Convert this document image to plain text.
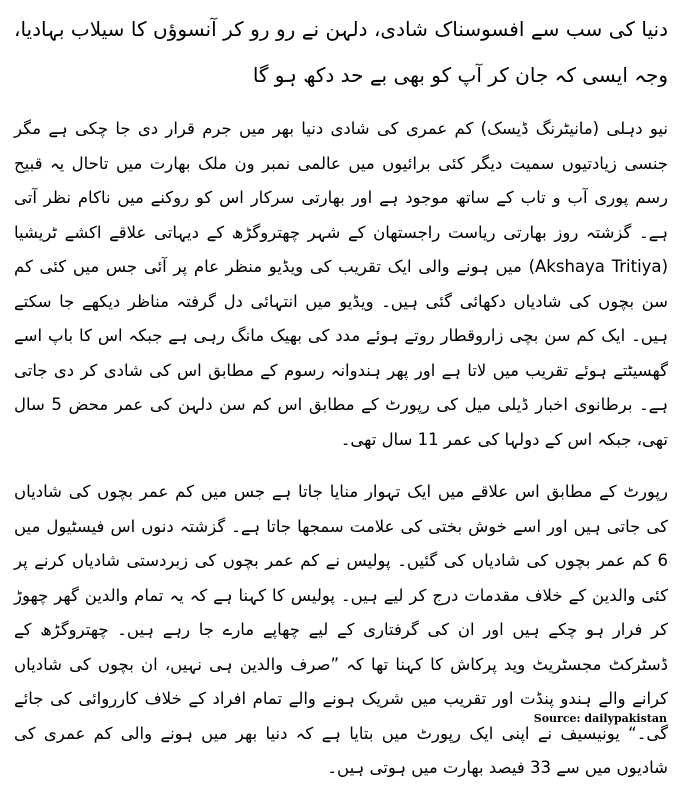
دنیا کی سب سے افسوسناک شادی، دلہن نے رو رو کر آنسوؤں کا سیلاب بہادیا، وجہ ایسی کہ جان کر آپ کو بھی بے حد دکھ ہو گا

نیو دہلی (مانیٹرنگ ڈیسک) کم عمری کی شادی دنیا بھر میں جرم قرار دی جا چکی ہے مگر جنسی زیادتیوں سمیت دیگر کئی برائیوں میں عالمی نمبر ون ملک بھارت میں تاحال یہ قبیح رسم پوری آب و تاب کے ساتھ موجود ہے اور بھارتی سرکار اس کو روکنے میں ناکام نظر آتی ہے۔ گزشتہ روز بھارتی ریاست راجستھان کے شہر چھتروگڑھ کے دیہاتی علاقے اکشے ٹریشیا (Akshaya Tritiya) میں ہونے والی ایک تقریب کی ویڈیو منظر عام پر آئی جس میں کئی کم سن بچوں کی شادیاں دکھائی گئی ہیں۔ ویڈیو میں انتہائی دل گرفتہ مناظر دیکھے جا سکتے ہیں۔ ایک کم سن بچی زاروقطار روتے ہوئے مدد کی بھیک مانگ رہی ہے جبکہ اس کا باپ اسے گھسیٹتے ہوئے تقریب میں لاتا ہے اور پھر ہندوانہ رسوم کے مطابق اس کی شادی کر دی جاتی ہے۔ برطانوی اخبار ڈیلی میل کی رپورٹ کے مطابق اس کم سن دلہن کی عمر محض 5 سال تھی، جبکہ اس کے دولہا کی عمر 11 سال تھی۔

رپورٹ کے مطابق اس علاقے میں ایک تہوار منایا جاتا ہے جس میں کم عمر بچوں کی شادیاں کی جاتی ہیں اور اسے خوش بختی کی علامت سمجھا جاتا ہے۔ گزشتہ دنوں اس فیسٹیول میں 6 کم عمر بچوں کی شادیاں کی گئیں۔ پولیس نے کم عمر بچوں کی زبردستی شادیاں کرنے پر کئی والدین کے خلاف مقدمات درج کر لیے ہیں۔ پولیس کا کہنا ہے کہ یہ تمام والدین گھر چھوڑ کر فرار ہو چکے ہیں اور ان کی گرفتاری کے لیے چھاپے مارے جا رہے ہیں۔ چھتروگڑھ کے ڈسٹرکٹ مجسٹریٹ وید پرکاش کا کہنا تھا کہ ”صرف والدین ہی نہیں، ان بچوں کی شادیاں کرانے والے ہندو پنڈت اور تقریب میں شریک ہونے والے تمام افراد کے خلاف کارروائی کی جائے گی۔“ یونیسیف نے اپنی ایک رپورٹ میں بتایا ہے کہ دنیا بھر میں ہونے والی کم عمری کی شادیوں میں سے 33 فیصد بھارت میں ہوتی ہیں۔

Source: dailypakistan
